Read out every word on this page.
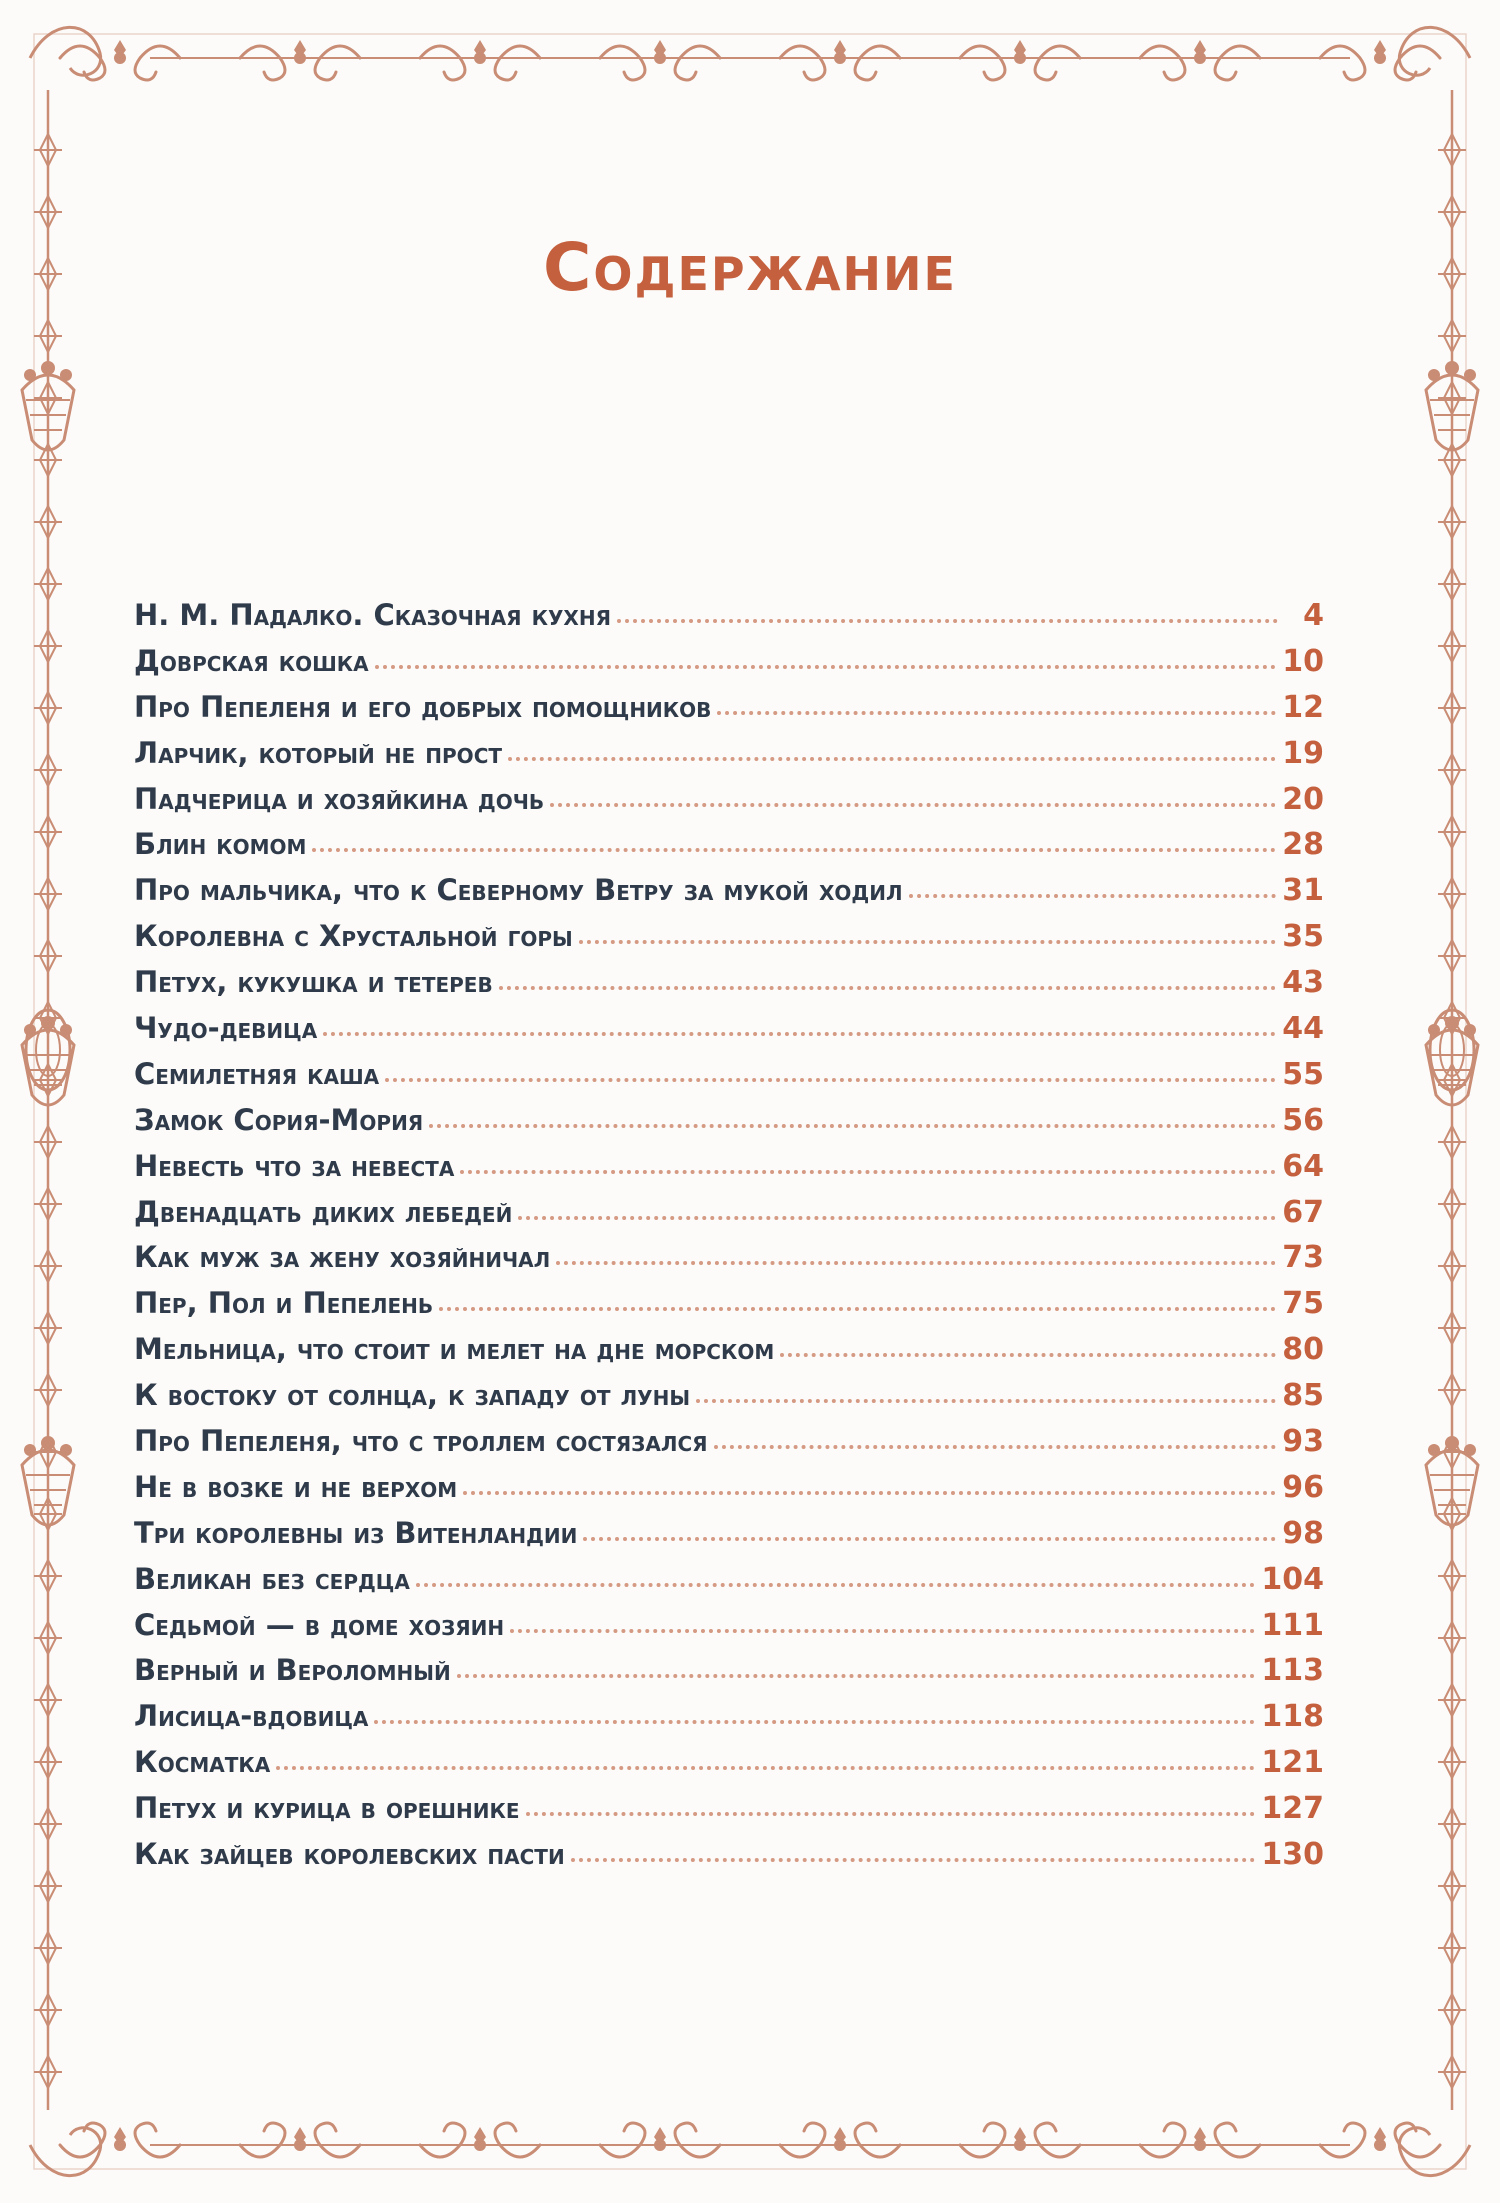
Содержание
Н. М. Падалко. Сказочная кухня	4
Доврская кошка	10
Про Пепеленя и его добрых помощников	12
Ларчик, который не прост	19
Падчерица и хозяйкина дочь	20
Блин комом	28
Про мальчика, что к Северному Ветру за мукой ходил	31
Королевна с Хрустальной горы	35
Петух, кукушка и тетерев	43
Чудо-девица	44
Семилетняя каша	55
Замок Сория-Мория	56
Невесть что за невеста	64
Двенадцать диких лебедей	67
Как муж за жену хозяйничал	73
Пер, Пол и Пепелень	75
Мельница, что стоит и мелет на дне морском	80
К востоку от солнца, к западу от луны	85
Про Пепеленя, что с троллем состязался	93
Не в возке и не верхом	96
Три королевны из Витенландии	98
Великан без сердца	104
Седьмой — в доме хозяин	111
Верный и Вероломный	113
Лисица-вдовица	118
Косматка	121
Петух и курица в орешнике	127
Как зайцев королевских пасти	130
